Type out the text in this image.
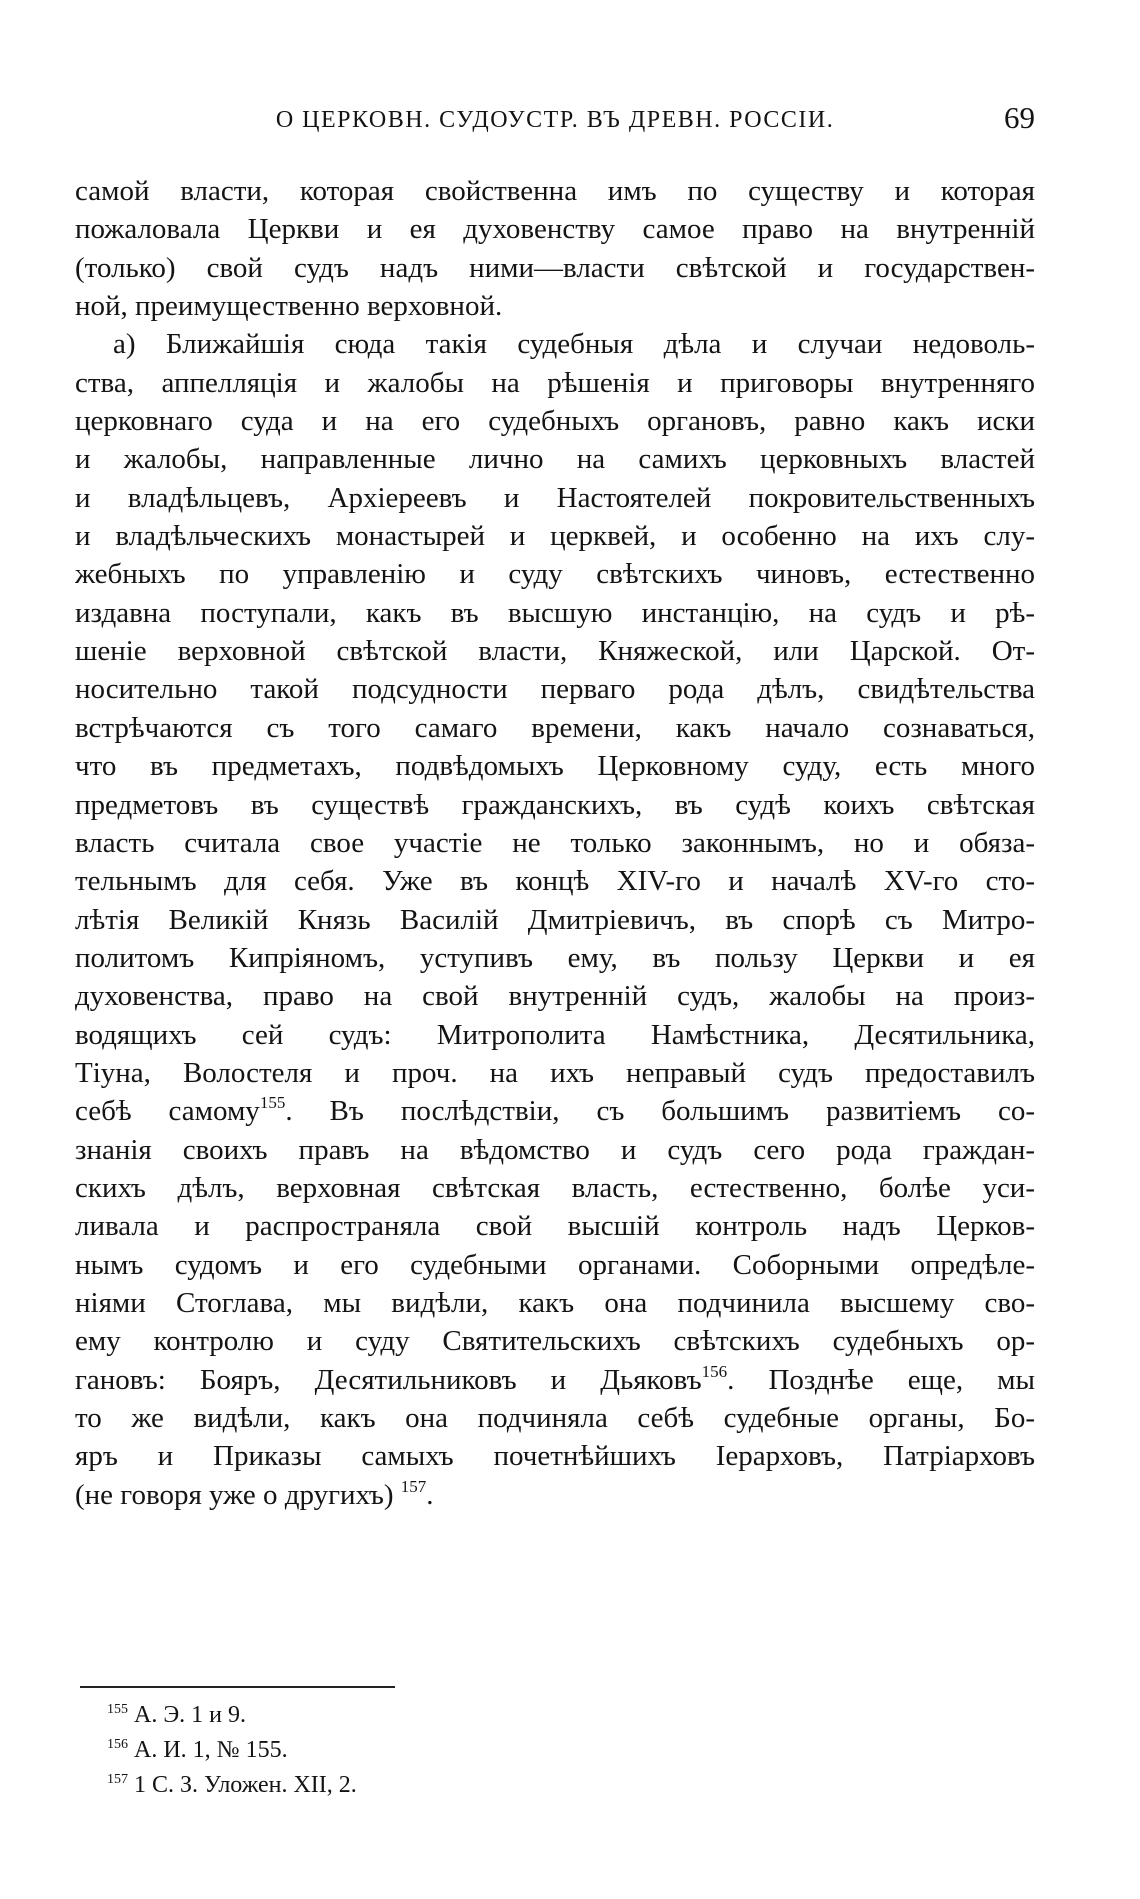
О ЦЕРКОВН. СУДОУСТР. ВЪ ДРЕВН. РОССІИ.	69
самой власти, которая свойственна имъ по существу и которая
пожаловала Церкви и ея духовенству самое право на внутренній
(только) свой судъ надъ ними—власти свѣтской и государствен-
ной, преимущественно верховной.
а) Ближайшія сюда такія судебныя дѣла и случаи недоволь-
ства, аппелляція и жалобы на рѣшенія и приговоры внутренняго
церковнаго суда и на его судебныхъ органовъ, равно какъ иски
и жалобы, направленные лично на самихъ церковныхъ властей
и владѣльцевъ, Архіереевъ и Настоятелей покровительственныхъ
и владѣльческихъ монастырей и церквей, и особенно на ихъ слу-
жебныхъ по управленію и суду свѣтскихъ чиновъ, естественно
издавна поступали, какъ въ высшую инстанцію, на судъ и рѣ-
шеніе верховной свѣтской власти, Княжеской, или Царской. От-
носительно такой подсудности перваго рода дѣлъ, свидѣтельства
встрѣчаются съ того самаго времени, какъ начало сознаваться,
что въ предметахъ, подвѣдомыхъ Церковному суду, есть много
предметовъ въ существѣ гражданскихъ, въ судѣ коихъ свѣтская
власть считала свое участіе не только законнымъ, но и обяза-
тельнымъ для себя. Уже въ концѣ XIV-го и началѣ XV-го сто-
лѣтія Великій Князь Василій Дмитріевичъ, въ спорѣ съ Митро-
политомъ Кипріяномъ, уступивъ ему, въ пользу Церкви и ея
духовенства, право на свой внутренній судъ, жалобы на произ-
водящихъ сей судъ: Митрополита Намѣстника, Десятильника,
Тіуна, Волостеля и проч. на ихъ неправый судъ предоставилъ
себѣ самому$^{155}$. Въ послѣдствіи, съ большимъ развитіемъ со-
знанія своихъ правъ на вѣдомство и судъ сего рода граждан-
скихъ дѣлъ, верховная свѣтская власть, естественно, болѣе уси-
ливала и распространяла свой высшій контроль надъ Церков-
нымъ судомъ и его судебными органами. Соборными опредѣле-
ніями Стоглава, мы видѣли, какъ она подчинила высшему сво-
ему контролю и суду Святительскихъ свѣтскихъ судебныхъ ор-
гановъ: Бояръ, Десятильниковъ и Дьяковъ$^{156}$. Позднѣе еще, мы
то же видѣли, какъ она подчиняла себѣ судебные органы, Бо-
яръ и Приказы самыхъ почетнѣйшихъ Іерарховъ, Патріарховъ
(не говоря уже о другихъ) $^{157}$.
155 А. Э. 1 и 9.
156 А. И. 1, № 155.
157 1 С. З. Уложен. XII, 2.
